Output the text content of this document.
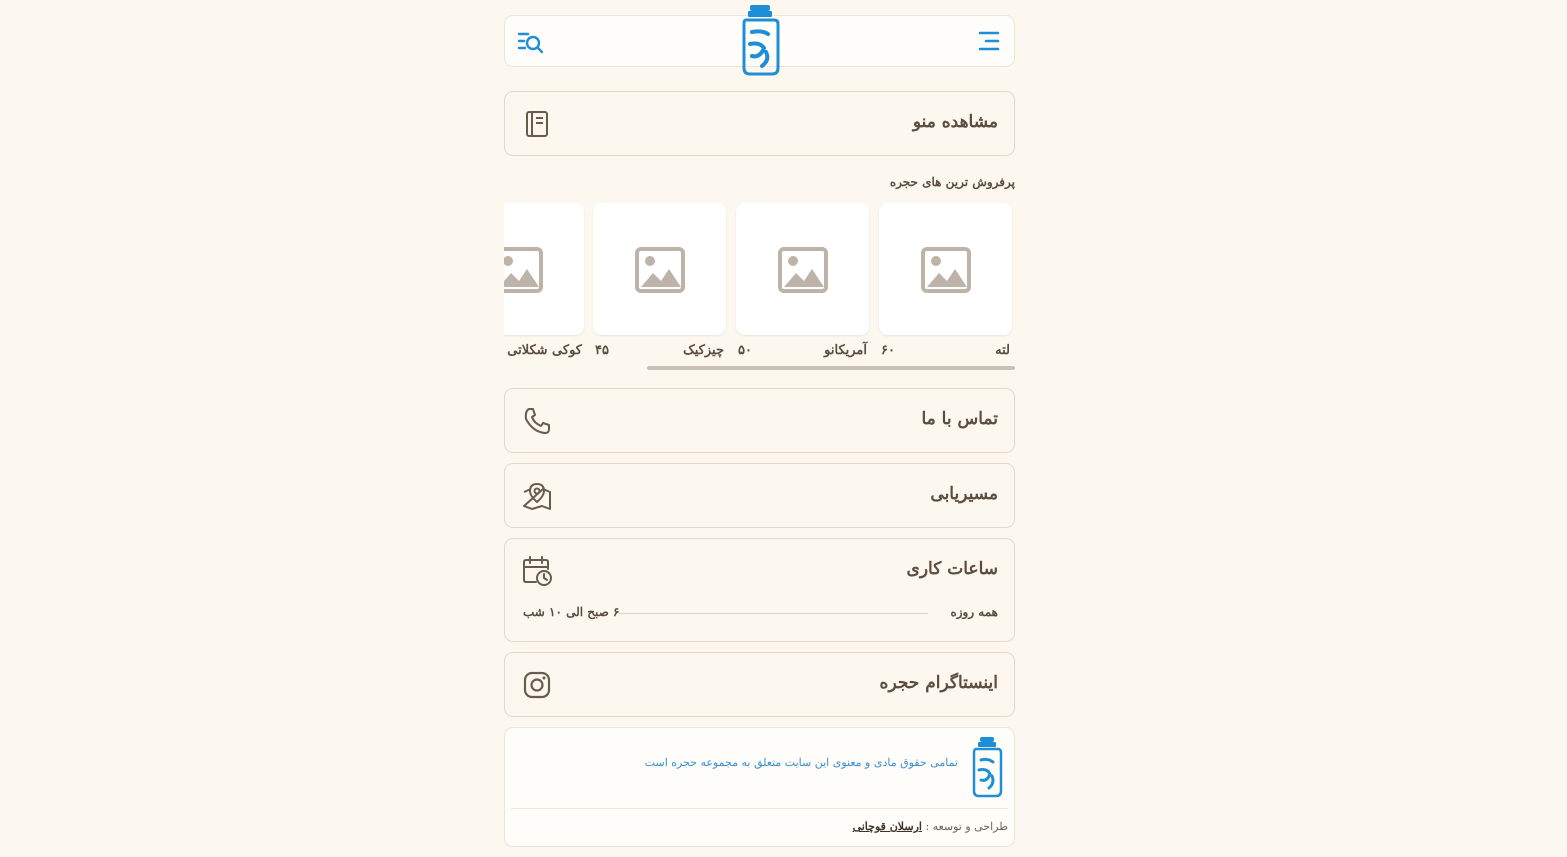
مشاهده منو
پرفروش ترین های حجره
لته
۶۰
آمریکانو
۵۰
چیزکیک
۴۵
کوکی شکلاتی
تماس با ما
مسیریابی
ساعات کاری
همه روزه
۶ صبح الی ۱۰ شب
اینستاگرام حجره
تمامی حقوق مادی و معنوی این سایت متعلق به مجموعه حجره است
طراحی و توسعه : ارسلان قوچانی
